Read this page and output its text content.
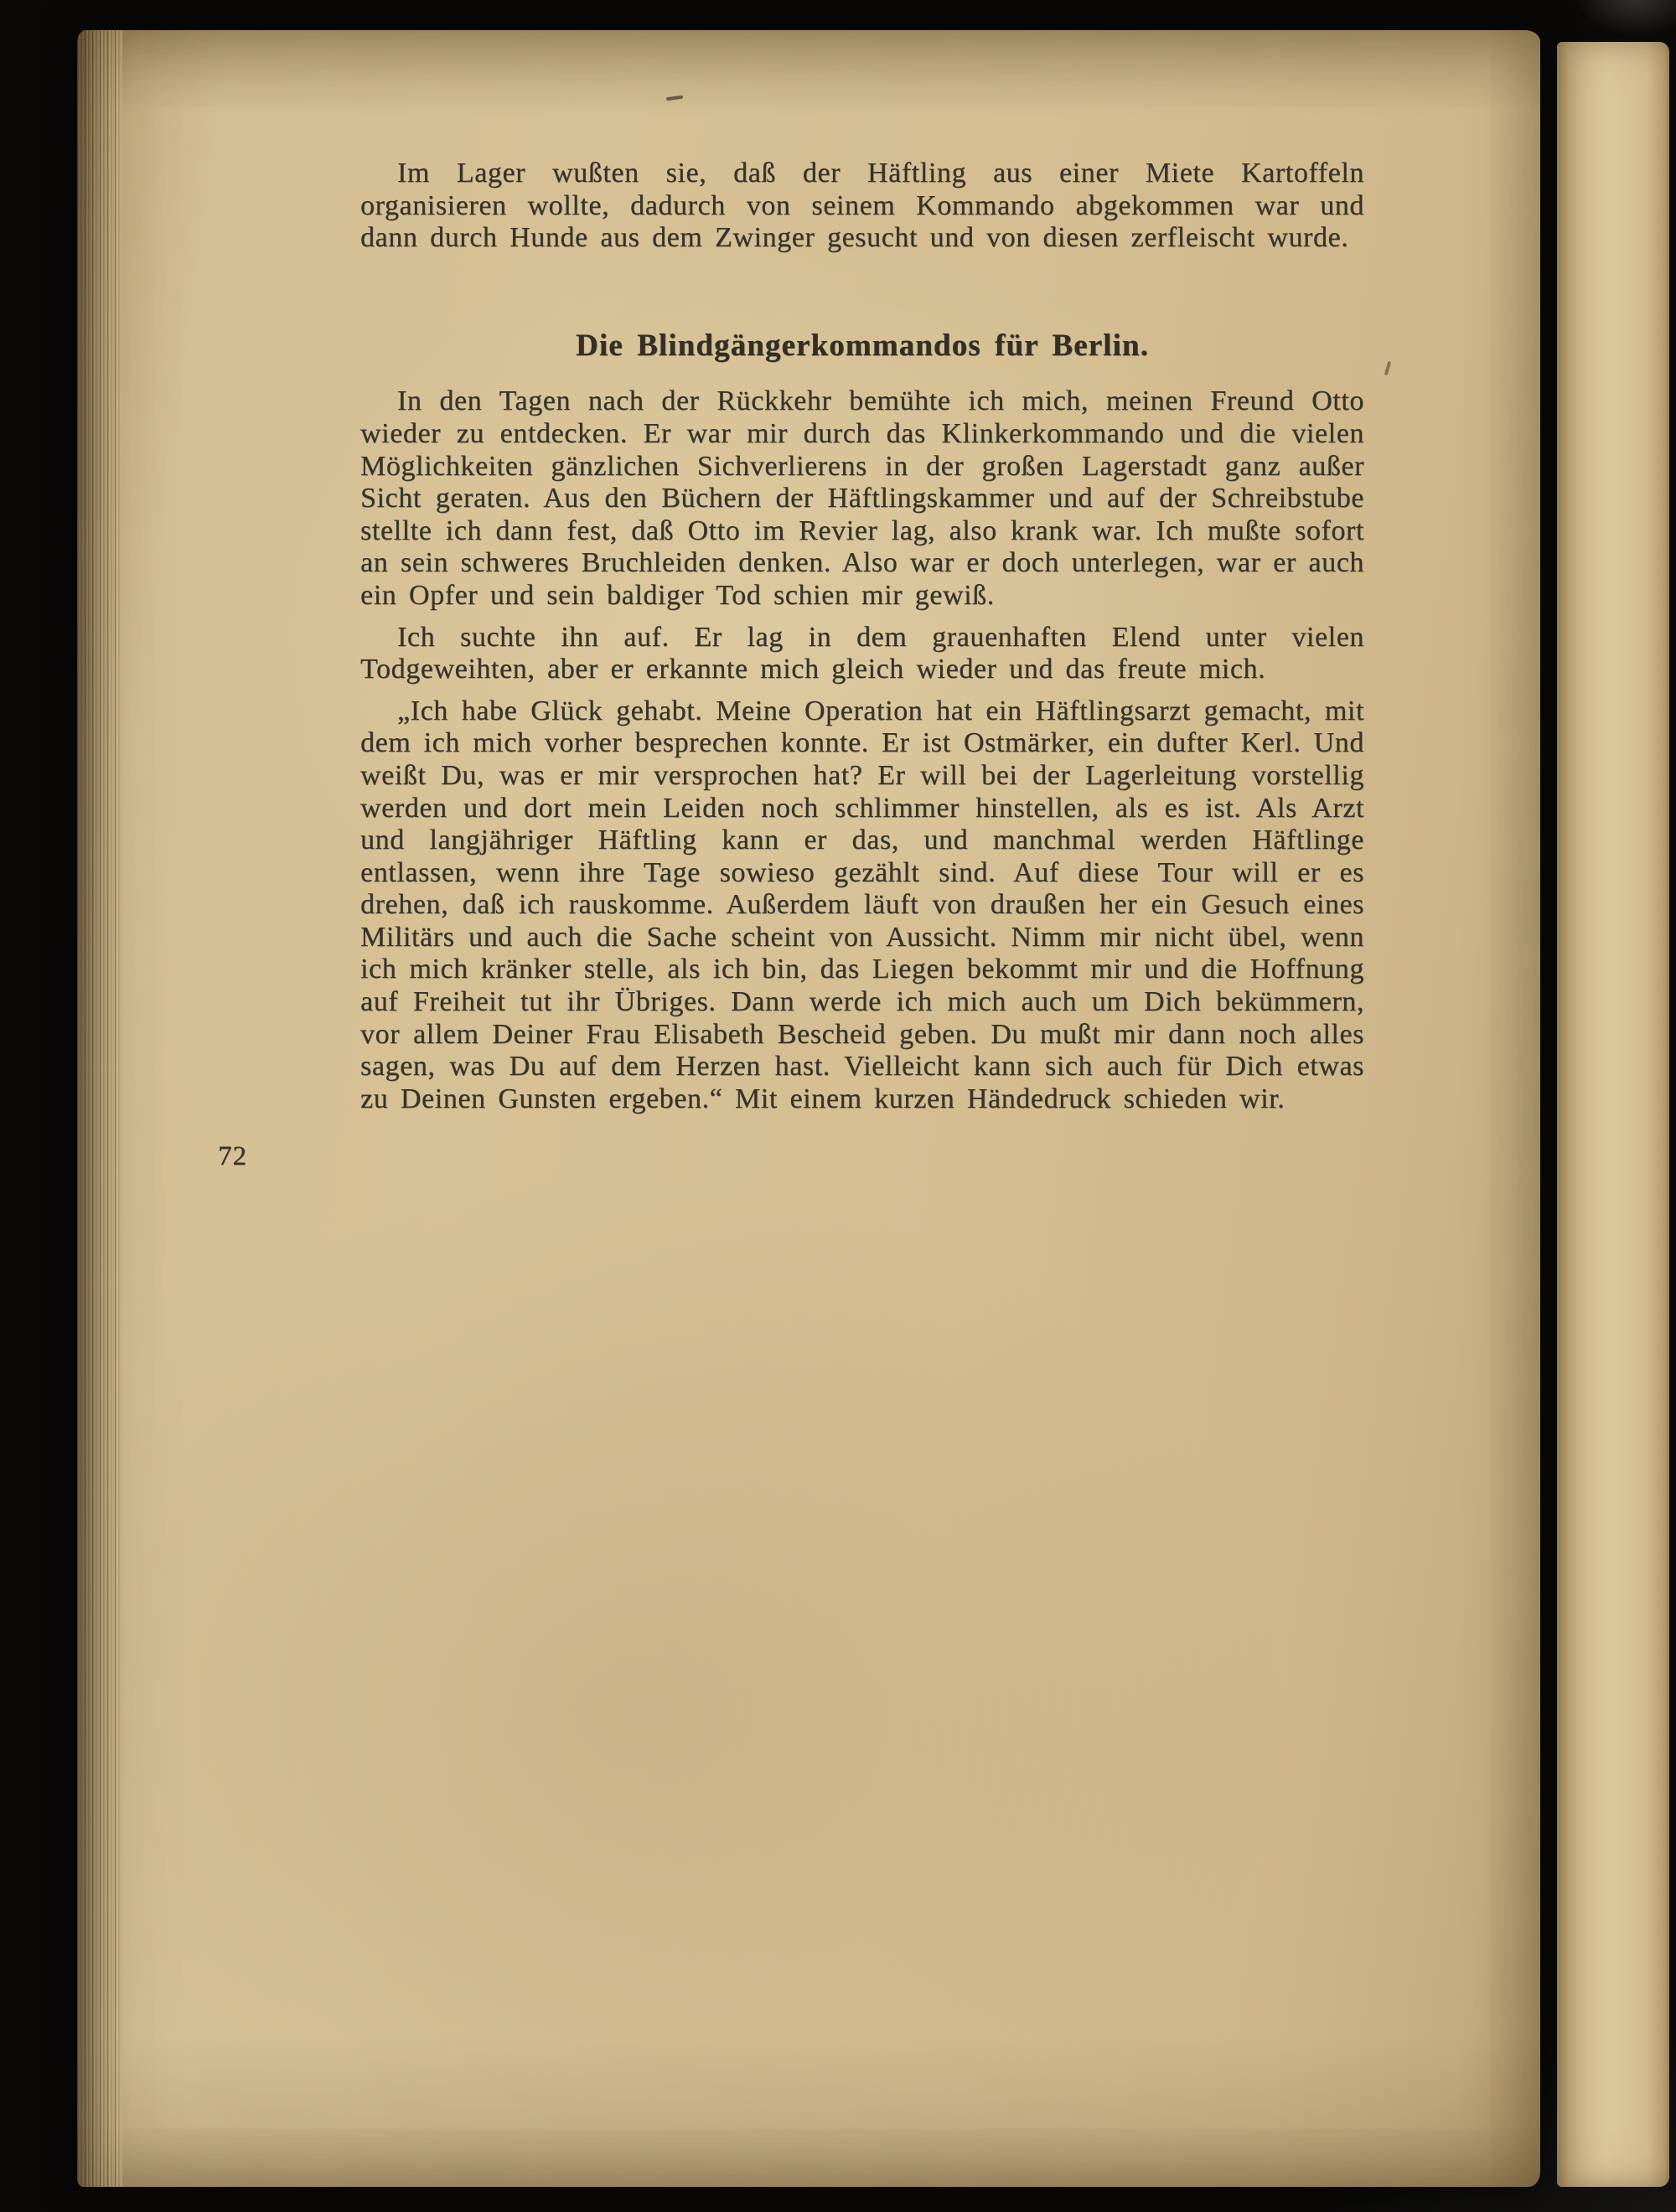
Im Lager wußten sie, daß der Häftling aus einer Miete Kartoffeln organisieren wollte, dadurch von seinem Kommando abgekommen war und dann durch Hunde aus dem Zwinger gesucht und von diesen zerfleischt wurde.

Die Blindgängerkommandos für Berlin.

In den Tagen nach der Rückkehr bemühte ich mich, meinen Freund Otto wieder zu entdecken. Er war mir durch das Klinkerkommando und die vielen Möglichkeiten gänzlichen Sichverlierens in der großen Lagerstadt ganz außer Sicht geraten. Aus den Büchern der Häftlingskammer und auf der Schreibstube stellte ich dann fest, daß Otto im Revier lag, also krank war. Ich mußte sofort an sein schweres Bruchleiden denken. Also war er doch unterlegen, war er auch ein Opfer und sein baldiger Tod schien mir gewiß.

Ich suchte ihn auf. Er lag in dem grauenhaften Elend unter vielen Todgeweihten, aber er erkannte mich gleich wieder und das freute mich.

„Ich habe Glück gehabt. Meine Operation hat ein Häftlingsarzt gemacht, mit dem ich mich vorher besprechen konnte. Er ist Ostmärker, ein dufter Kerl. Und weißt Du, was er mir versprochen hat? Er will bei der Lagerleitung vorstellig werden und dort mein Leiden noch schlimmer hinstellen, als es ist. Als Arzt und langjähriger Häftling kann er das, und manchmal werden Häftlinge entlassen, wenn ihre Tage sowieso gezählt sind. Auf diese Tour will er es drehen, daß ich rauskomme. Außerdem läuft von draußen her ein Gesuch eines Militärs und auch die Sache scheint von Aussicht. Nimm mir nicht übel, wenn ich mich kränker stelle, als ich bin, das Liegen bekommt mir und die Hoffnung auf Freiheit tut ihr Übriges. Dann werde ich mich auch um Dich bekümmern, vor allem Deiner Frau Elisabeth Bescheid geben. Du mußt mir dann noch alles sagen, was Du auf dem Herzen hast. Vielleicht kann sich auch für Dich etwas zu Deinen Gunsten ergeben.“ Mit einem kurzen Händedruck schieden wir.

72
